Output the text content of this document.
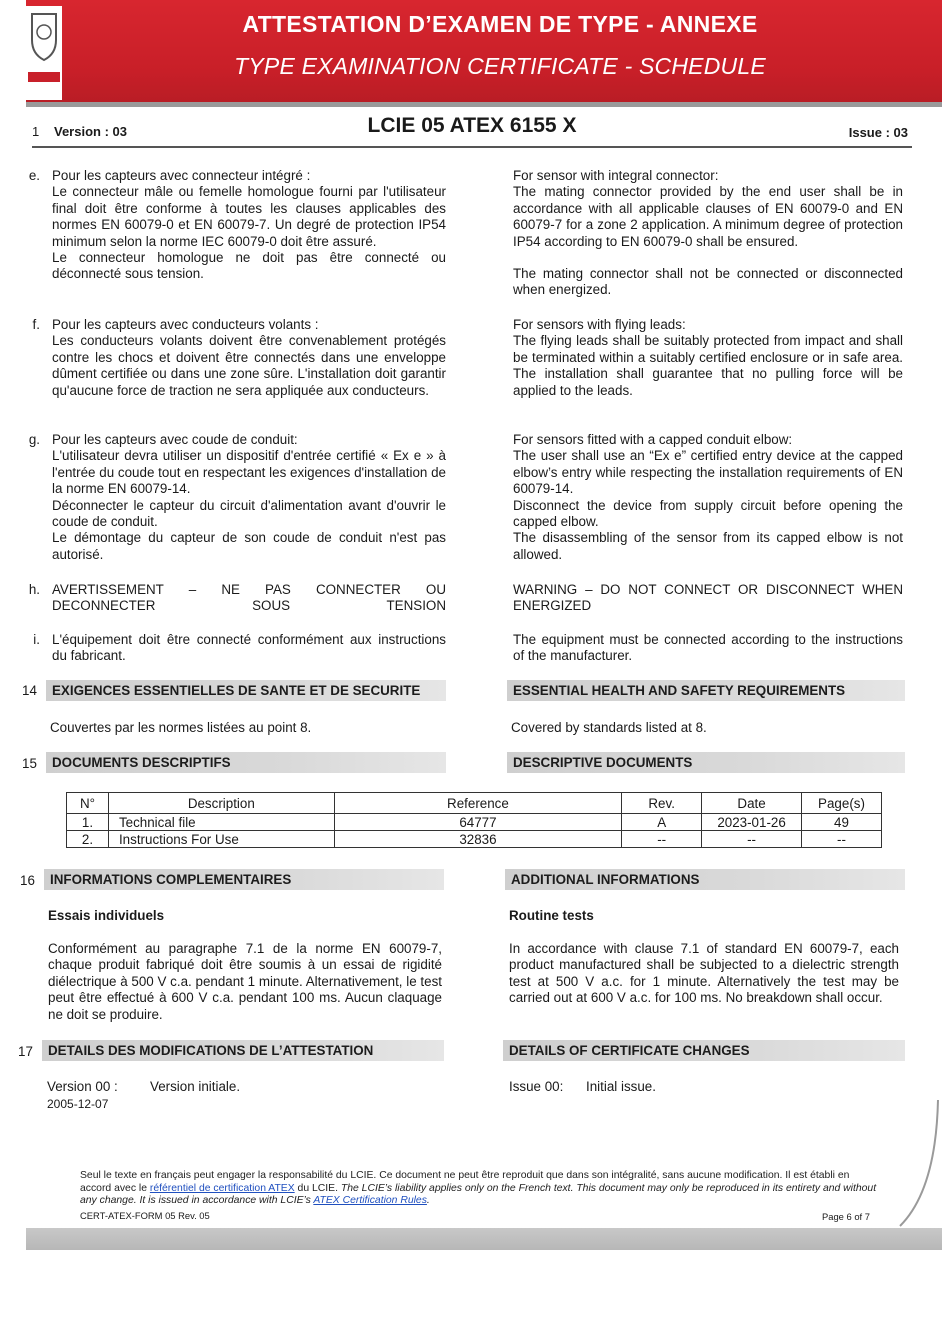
ATTESTATION D’EXAMEN DE TYPE - ANNEXE
TYPE EXAMINATION CERTIFICATE - SCHEDULE
1 Version : 03	LCIE 05 ATEX 6155 X	Issue : 03
e. Pour les capteurs avec connecteur intégré :

Le connecteur mâle ou femelle homologue fourni par l'utilisateur final doit être conforme à toutes les clauses applicables des normes EN 60079-0 et EN 60079-7. Un degré de protection IP54 minimum selon la norme IEC 60079-0 doit être assuré.

Le connecteur homologue ne doit pas être connecté ou déconnecté sous tension.

For sensor with integral connector:

The mating connector provided by the end user shall be in accordance with all applicable clauses of EN 60079-0 and EN 60079-7 for a zone 2 application. A minimum degree of protection IP54 according to EN 60079-0 shall be ensured.

The mating connector shall not be connected or disconnected when energized.

f. Pour les capteurs avec conducteurs volants :

Les conducteurs volants doivent être convenablement protégés contre les chocs et doivent être connectés dans une enveloppe dûment certifiée ou dans une zone sûre. L'installation doit garantir qu'aucune force de traction ne sera appliquée aux conducteurs.

For sensors with flying leads:

The flying leads shall be suitably protected from impact and shall be terminated within a suitably certified enclosure or in safe area. The installation shall guarantee that no pulling force will be applied to the leads.

g. Pour les capteurs avec coude de conduit:

L'utilisateur devra utiliser un dispositif d'entrée certifié « Ex e » à l'entrée du coude tout en respectant les exigences d'installation de la norme EN 60079-14.

Déconnecter le capteur du circuit d'alimentation avant d'ouvrir le coude de conduit.

Le démontage du capteur de son coude de conduit n'est pas autorisé.

For sensors fitted with a capped conduit elbow:

The user shall use an “Ex e” certified entry device at the capped elbow’s entry while respecting the installation requirements of EN 60079-14.

Disconnect the device from supply circuit before opening the capped elbow.

The disassembling of the sensor from its capped elbow is not allowed.

h. AVERTISSEMENT – NE PAS CONNECTER OU DECONNECTER SOUS TENSION
WARNING – DO NOT CONNECT OR DISCONNECT WHEN ENERGIZED
i. L'équipement doit être connecté conformément aux instructions du fabricant.
The equipment must be connected according to the instructions of the manufacturer.
14	EXIGENCES ESSENTIELLES DE SANTE ET DE SECURITE	ESSENTIAL HEALTH AND SAFETY REQUIREMENTS
Couvertes par les normes listées au point 8.	Covered by standards listed at 8.
15	DOCUMENTS DESCRIPTIFS	DESCRIPTIVE DOCUMENTS
N°	Description	Reference	Rev.	Date	Page(s)
1.	Technical file	64777	A	2023-01-26	49
2.	Instructions For Use	32836	--	--	--
16	INFORMATIONS COMPLEMENTAIRES	ADDITIONAL INFORMATIONS
Essais individuels	Routine tests
Conformément au paragraphe 7.1 de la norme EN 60079-7, chaque produit fabriqué doit être soumis à un essai de rigidité diélectrique à 500 V c.a. pendant 1 minute. Alternativement, le test peut être effectué à 600 V c.a. pendant 100 ms. Aucun claquage ne doit se produire.
In accordance with clause 7.1 of standard EN 60079-7, each product manufactured shall be subjected to a dielectric strength test at 500 V a.c. for 1 minute. Alternatively the test may be carried out at 600 V a.c. for 100 ms. No breakdown shall occur.
17	DETAILS DES MODIFICATIONS DE L’ATTESTATION	DETAILS OF CERTIFICATE CHANGES
Version 00 : Version initiale.
2005-12-07
Issue 00: Initial issue.
Seul le texte en français peut engager la responsabilité du LCIE. Ce document ne peut être reproduit que dans son intégralité, sans aucune modification. Il est établi en accord avec le référentiel de certification ATEX du LCIE. The LCIE’s liability applies only on the French text. This document may only be reproduced in its entirety and without any change. It is issued in accordance with LCIE’s ATEX Certification Rules.
CERT-ATEX-FORM 05 Rev. 05	Page 6 of 7
